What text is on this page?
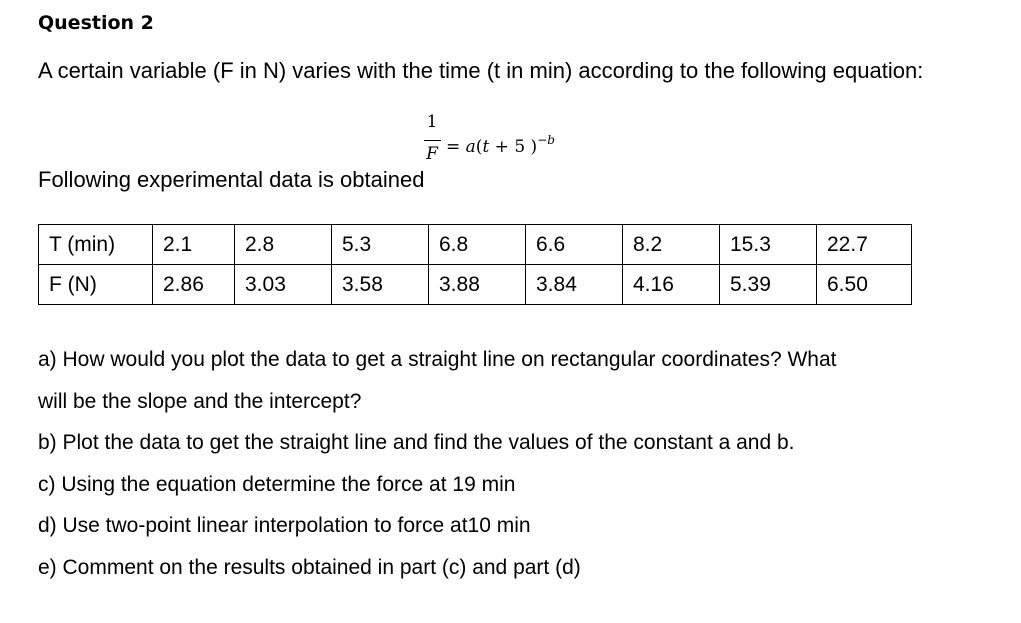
Question 2
A certain variable (F in N) varies with the time (t in min) according to the following equation:
1
F = a(t + 5 )$^{-b}$
Following experimental data is obtained
T (min)	2.1	2.8	5.3	6.8	6.6	8.2	15.3	22.7
F (N)	2.86	3.03	3.58	3.88	3.84	4.16	5.39	6.50
a) How would you plot the data to get a straight line on rectangular coordinates? What
will be the slope and the intercept?
b) Plot the data to get the straight line and find the values of the constant a and b.
c) Using the equation determine the force at 19 min
d) Use two-point linear interpolation to force at10 min
e) Comment on the results obtained in part (c) and part (d)
